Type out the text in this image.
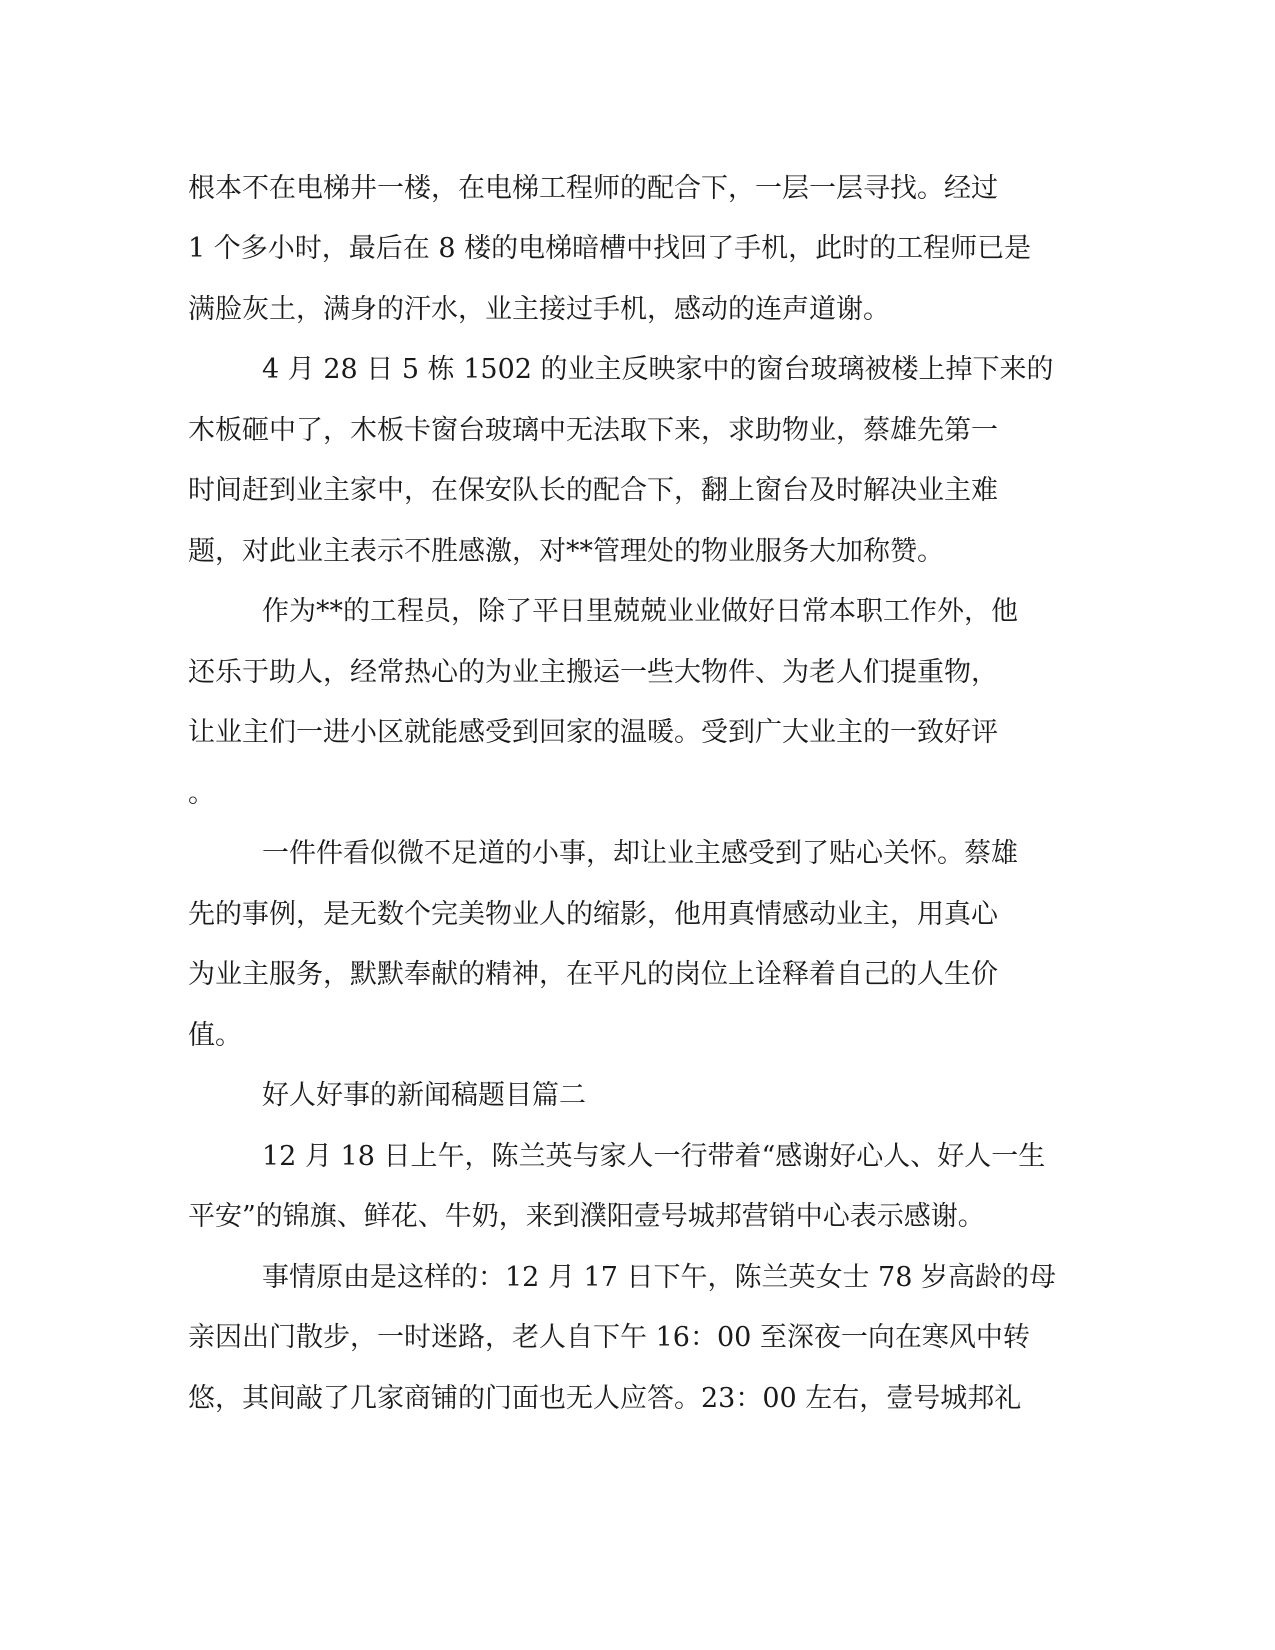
根本不在电梯井一楼，在电梯工程师的配合下，一层一层寻找。经过
1 个多小时，最后在 8 楼的电梯暗槽中找回了手机，此时的工程师已是
满脸灰土，满身的汗水，业主接过手机，感动的连声道谢。
4 月 28 日 5 栋 1502 的业主反映家中的窗台玻璃被楼上掉下来的
木板砸中了，木板卡窗台玻璃中无法取下来，求助物业，蔡雄先第一
时间赶到业主家中，在保安队长的配合下，翻上窗台及时解决业主难
题，对此业主表示不胜感激，对**管理处的物业服务大加称赞。
作为**的工程员，除了平日里兢兢业业做好日常本职工作外，他
还乐于助人，经常热心的为业主搬运一些大物件、为老人们提重物，
让业主们一进小区就能感受到回家的温暖。受到广大业主的一致好评
。
一件件看似微不足道的小事，却让业主感受到了贴心关怀。蔡雄
先的事例，是无数个完美物业人的缩影，他用真情感动业主，用真心
为业主服务，默默奉献的精神，在平凡的岗位上诠释着自己的人生价
值。
好人好事的新闻稿题目篇二
12 月 18 日上午，陈兰英与家人一行带着“感谢好心人、好人一生
平安”的锦旗、鲜花、牛奶，来到濮阳壹号城邦营销中心表示感谢。
事情原由是这样的：12 月 17 日下午，陈兰英女士 78 岁高龄的母
亲因出门散步，一时迷路，老人自下午 16：00 至深夜一向在寒风中转
悠，其间敲了几家商铺的门面也无人应答。23：00 左右，壹号城邦礼
